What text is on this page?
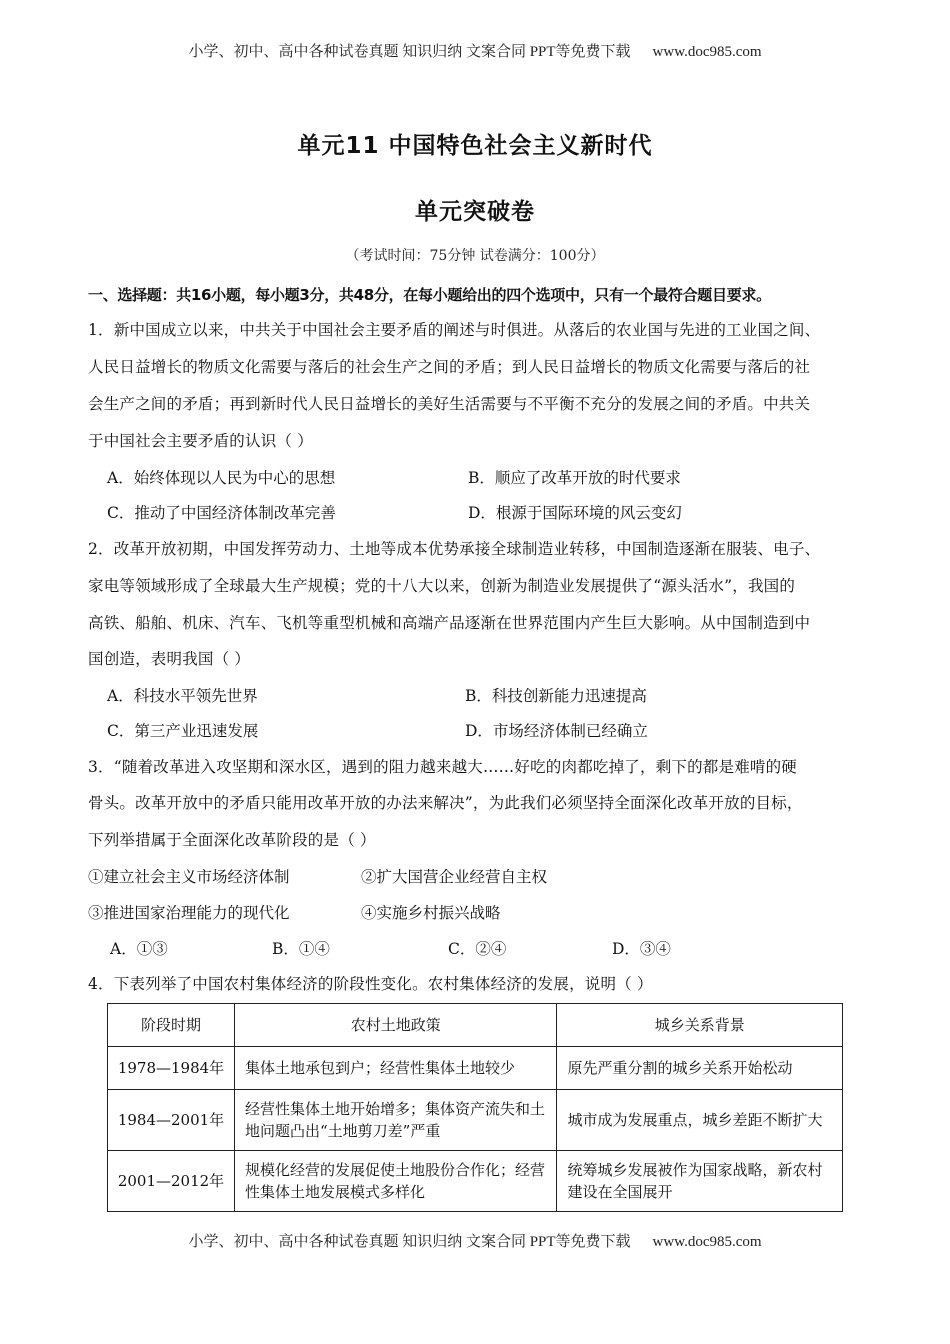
小学、初中、高中各种试卷真题 知识归纳 文案合同 PPT等免费下载 www.doc985.com
单元11 中国特色社会主义新时代
单元突破卷
（考试时间：75分钟 试卷满分：100分）
一、选择题：共16小题，每小题3分，共48分，在每小题给出的四个选项中，只有一个最符合题目要求。
1．新中国成立以来，中共关于中国社会主要矛盾的阐述与时俱进。从落后的农业国与先进的工业国之间、
人民日益增长的物质文化需要与落后的社会生产之间的矛盾；到人民日益增长的物质文化需要与落后的社
会生产之间的矛盾；再到新时代人民日益增长的美好生活需要与不平衡不充分的发展之间的矛盾。中共关
于中国社会主要矛盾的认识（ ）
A．始终体现以人民为中心的思想	B．顺应了改革开放的时代要求
C．推动了中国经济体制改革完善	D．根源于国际环境的风云变幻
2．改革开放初期，中国发挥劳动力、土地等成本优势承接全球制造业转移，中国制造逐渐在服装、电子、
家电等领域形成了全球最大生产规模；党的十八大以来，创新为制造业发展提供了“源头活水”，我国的
高铁、船舶、机床、汽车、飞机等重型机械和高端产品逐渐在世界范围内产生巨大影响。从中国制造到中
国创造，表明我国（ ）
A．科技水平领先世界	B．科技创新能力迅速提高
C．第三产业迅速发展	D．市场经济体制已经确立
3．“随着改革进入攻坚期和深水区，遇到的阻力越来越大……好吃的肉都吃掉了，剩下的都是难啃的硬
骨头。改革开放中的矛盾只能用改革开放的办法来解决”，为此我们必须坚持全面深化改革开放的目标，
下列举措属于全面深化改革阶段的是（ ）
①建立社会主义市场经济体制	②扩大国营企业经营自主权
③推进国家治理能力的现代化	④实施乡村振兴战略
A．①③	B．①④	C．②④	D．③④
4．下表列举了中国农村集体经济的阶段性变化。农村集体经济的发展，说明（ ）
阶段时期	农村土地政策	城乡关系背景
1978—1984年	集体土地承包到户；经营性集体土地较少	原先严重分割的城乡关系开始松动
1984—2001年	经营性集体土地开始增多；集体资产流失和土地问题凸出“土地剪刀差”严重	城市成为发展重点，城乡差距不断扩大
2001—2012年	规模化经营的发展促使土地股份合作化；经营性集体土地发展模式多样化	统筹城乡发展被作为国家战略，新农村建设在全国展开
小学、初中、高中各种试卷真题 知识归纳 文案合同 PPT等免费下载 www.doc985.com
